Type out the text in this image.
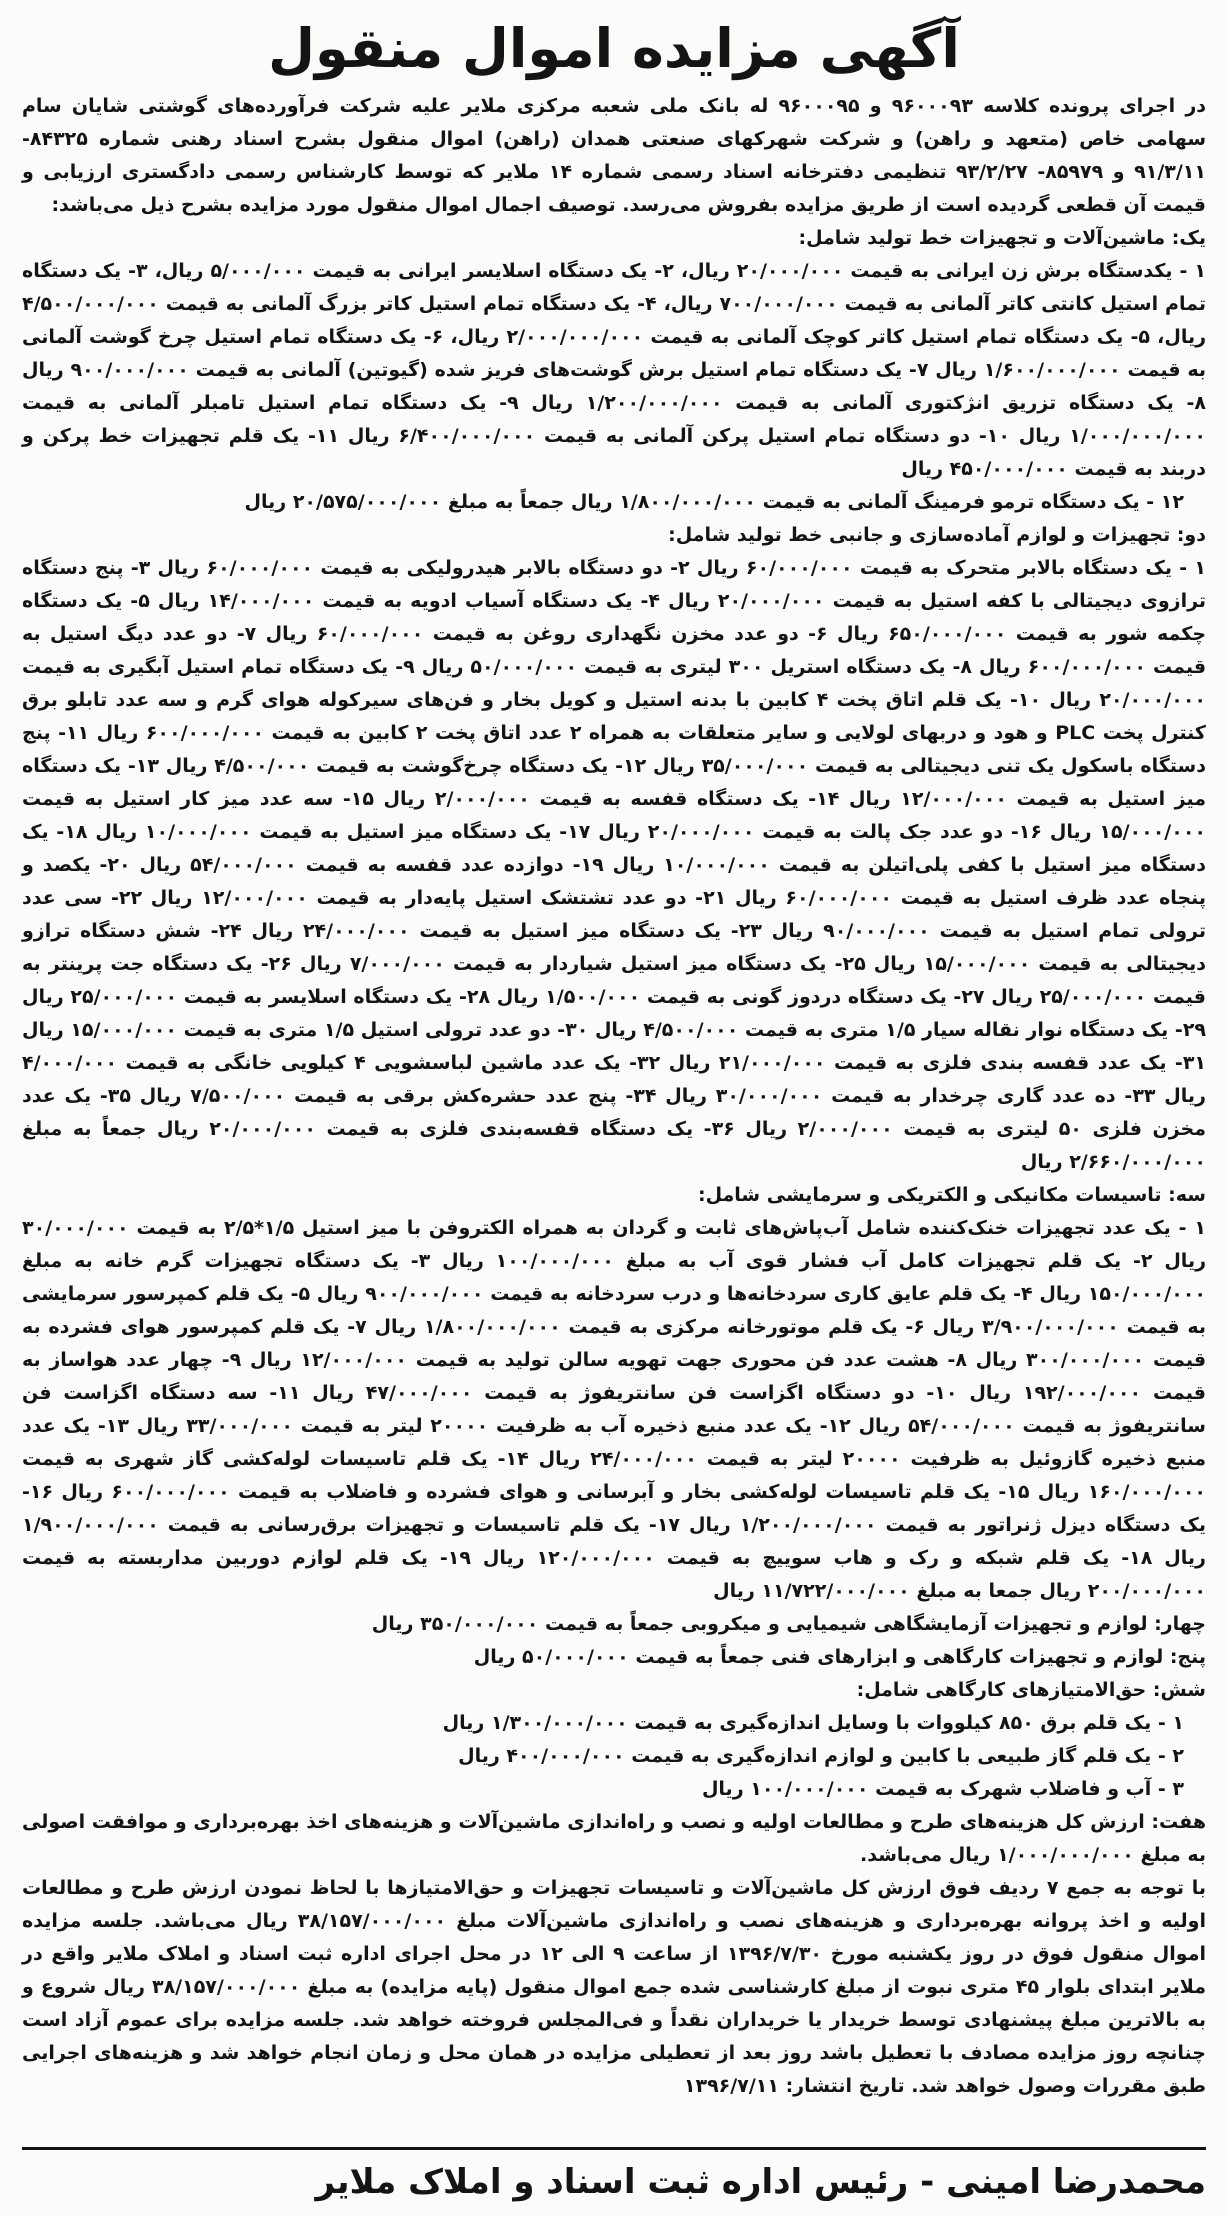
آگهی مزایده اموال منقول

در اجرای پرونده کلاسه ۹۶۰۰۰۹۳ و ۹۶۰۰۰۹۵ له بانک ملی شعبه مرکزی ملایر علیه شرکت فرآورده‌های گوشتی شایان سام سهامی خاص (متعهد و راهن) و شرکت شهرکهای صنعتی همدان (راهن) اموال منقول بشرح اسناد رهنی شماره ۸۴۳۲۵- ۹۱/۳/۱۱ و ۸۵۹۷۹- ۹۳/۲/۲۷ تنظیمی دفترخانه اسناد رسمی شماره ۱۴ ملایر که توسط کارشناس رسمی دادگستری ارزیابی و قیمت آن قطعی گردیده است از طریق مزایده بفروش می‌رسد. توصیف اجمال اموال منقول مورد مزایده بشرح ذیل می‌باشد:

یک: ماشین‌آلات و تجهیزات خط تولید شامل:

۱ - یکدستگاه برش زن ایرانی به قیمت ۲۰/۰۰۰/۰۰۰ ریال، ۲- یک دستگاه اسلایسر ایرانی به قیمت ۵/۰۰۰/۰۰۰ ریال، ۳- یک دستگاه تمام استیل کانتی کاتر آلمانی به قیمت ۷۰۰/۰۰۰/۰۰۰ ریال، ۴- یک دستگاه تمام استیل کاتر بزرگ آلمانی به قیمت ۴/۵۰۰/۰۰۰/۰۰۰ ریال، ۵- یک دستگاه تمام استیل کاتر کوچک آلمانی به قیمت ۲/۰۰۰/۰۰۰/۰۰۰ ریال، ۶- یک دستگاه تمام استیل چرخ گوشت آلمانی به قیمت ۱/۶۰۰/۰۰۰/۰۰۰ ریال ۷- یک دستگاه تمام استیل برش گوشت‌های فریز شده (گیوتین) آلمانی به قیمت ۹۰۰/۰۰۰/۰۰۰ ریال ۸- یک دستگاه تزریق انژکتوری آلمانی به قیمت ۱/۲۰۰/۰۰۰/۰۰۰ ریال ۹- یک دستگاه تمام استیل تامبلر آلمانی به قیمت ۱/۰۰۰/۰۰۰/۰۰۰ ریال ۱۰- دو دستگاه تمام استیل پرکن آلمانی به قیمت ۶/۴۰۰/۰۰۰/۰۰۰ ریال ۱۱- یک قلم تجهیزات خط پرکن و دربند به قیمت ۴۵۰/۰۰۰/۰۰۰ ریال

۱۲ - یک دستگاه ترمو فرمینگ آلمانی به قیمت ۱/۸۰۰/۰۰۰/۰۰۰ ریال جمعاً به مبلغ ۲۰/۵۷۵/۰۰۰/۰۰۰ ریال

دو: تجهیزات و لوازم آماده‌سازی و جانبی خط تولید شامل:

۱ - یک دستگاه بالابر متحرک به قیمت ۶۰/۰۰۰/۰۰۰ ریال ۲- دو دستگاه بالابر هیدرولیکی به قیمت ۶۰/۰۰۰/۰۰۰ ریال ۳- پنج دستگاه ترازوی دیجیتالی با کفه استیل به قیمت ۲۰/۰۰۰/۰۰۰ ریال ۴- یک دستگاه آسیاب ادویه به قیمت ۱۴/۰۰۰/۰۰۰ ریال ۵- یک دستگاه چکمه شور به قیمت ۶۵۰/۰۰۰/۰۰۰ ریال ۶- دو عدد مخزن نگهداری روغن به قیمت ۶۰/۰۰۰/۰۰۰ ریال ۷- دو عدد دیگ استیل به قیمت ۶۰۰/۰۰۰/۰۰۰ ریال ۸- یک دستگاه استریل ۳۰۰ لیتری به قیمت ۵۰/۰۰۰/۰۰۰ ریال ۹- یک دستگاه تمام استیل آبگیری به قیمت ۲۰/۰۰۰/۰۰۰ ریال ۱۰- یک قلم اتاق پخت ۴ کابین با بدنه استیل و کویل بخار و فن‌های سیرکوله هوای گرم و سه عدد تابلو برق کنترل پخت PLC و هود و دربهای لولایی و سایر متعلقات به همراه ۲ عدد اتاق پخت ۲ کابین به قیمت ۶۰۰/۰۰۰/۰۰۰ ریال ۱۱- پنج دستگاه باسکول یک تنی دیجیتالی به قیمت ۳۵/۰۰۰/۰۰۰ ریال ۱۲- یک دستگاه چرخ‌گوشت به قیمت ۴/۵۰۰/۰۰۰ ریال ۱۳- یک دستگاه میز استیل به قیمت ۱۲/۰۰۰/۰۰۰ ریال ۱۴- یک دستگاه قفسه به قیمت ۲/۰۰۰/۰۰۰ ریال ۱۵- سه عدد میز کار استیل به قیمت ۱۵/۰۰۰/۰۰۰ ریال ۱۶- دو عدد جک پالت به قیمت ۲۰/۰۰۰/۰۰۰ ریال ۱۷- یک دستگاه میز استیل به قیمت ۱۰/۰۰۰/۰۰۰ ریال ۱۸- یک دستگاه میز استیل با کفی پلی‌اتیلن به قیمت ۱۰/۰۰۰/۰۰۰ ریال ۱۹- دوازده عدد قفسه به قیمت ۵۴/۰۰۰/۰۰۰ ریال ۲۰- یکصد و پنجاه عدد ظرف استیل به قیمت ۶۰/۰۰۰/۰۰۰ ریال ۲۱- دو عدد تشتشک استیل پایه‌دار به قیمت ۱۲/۰۰۰/۰۰۰ ریال ۲۲- سی عدد ترولی تمام استیل به قیمت ۹۰/۰۰۰/۰۰۰ ریال ۲۳- یک دستگاه میز استیل به قیمت ۲۴/۰۰۰/۰۰۰ ریال ۲۴- شش دستگاه ترازو دیجیتالی به قیمت ۱۵/۰۰۰/۰۰۰ ریال ۲۵- یک دستگاه میز استیل شیاردار به قیمت ۷/۰۰۰/۰۰۰ ریال ۲۶- یک دستگاه جت پرینتر به قیمت ۲۵/۰۰۰/۰۰۰ ریال ۲۷- یک دستگاه دردوز گونی به قیمت ۱/۵۰۰/۰۰۰ ریال ۲۸- یک دستگاه اسلایسر به قیمت ۲۵/۰۰۰/۰۰۰ ریال ۲۹- یک دستگاه نوار نقاله سیار ۱/۵ متری به قیمت ۴/۵۰۰/۰۰۰ ریال ۳۰- دو عدد ترولی استیل ۱/۵ متری به قیمت ۱۵/۰۰۰/۰۰۰ ریال ۳۱- یک عدد قفسه بندی فلزی به قیمت ۲۱/۰۰۰/۰۰۰ ریال ۳۲- یک عدد ماشین لباسشویی ۴ کیلویی خانگی به قیمت ۴/۰۰۰/۰۰۰ ریال ۳۳- ده عدد گاری چرخدار به قیمت ۳۰/۰۰۰/۰۰۰ ریال ۳۴- پنج عدد حشره‌کش برقی به قیمت ۷/۵۰۰/۰۰۰ ریال ۳۵- یک عدد مخزن فلزی ۵۰ لیتری به قیمت ۲/۰۰۰/۰۰۰ ریال ۳۶- یک دستگاه قفسه‌بندی فلزی به قیمت ۲۰/۰۰۰/۰۰۰ ریال جمعاً به مبلغ ۲/۶۶۰/۰۰۰/۰۰۰ ریال

سه: تاسیسات مکانیکی و الکتریکی و سرمایشی شامل:

۱ - یک عدد تجهیزات خنک‌کننده شامل آب‌پاش‌های ثابت و گردان به همراه الکتروفن با میز استیل ۱/۵*۲/۵ به قیمت ۳۰/۰۰۰/۰۰۰ ریال ۲- یک قلم تجهیزات کامل آب فشار قوی آب به مبلغ ۱۰۰/۰۰۰/۰۰۰ ریال ۳- یک دستگاه تجهیزات گرم خانه به مبلغ ۱۵۰/۰۰۰/۰۰۰ ریال ۴- یک قلم عایق کاری سردخانه‌ها و درب سردخانه به قیمت ۹۰۰/۰۰۰/۰۰۰ ریال ۵- یک قلم کمپرسور سرمایشی به قیمت ۳/۹۰۰/۰۰۰/۰۰۰ ریال ۶- یک قلم موتورخانه مرکزی به قیمت ۱/۸۰۰/۰۰۰/۰۰۰ ریال ۷- یک قلم کمپرسور هوای فشرده به قیمت ۳۰۰/۰۰۰/۰۰۰ ریال ۸- هشت عدد فن محوری جهت تهویه سالن تولید به قیمت ۱۲/۰۰۰/۰۰۰ ریال ۹- چهار عدد هواساز به قیمت ۱۹۲/۰۰۰/۰۰۰ ریال ۱۰- دو دستگاه اگزاست فن سانتریفوژ به قیمت ۴۷/۰۰۰/۰۰۰ ریال ۱۱- سه دستگاه اگزاست فن سانتریفوژ به قیمت ۵۴/۰۰۰/۰۰۰ ریال ۱۲- یک عدد منبع ذخیره آب به ظرفیت ۲۰۰۰۰ لیتر به قیمت ۳۳/۰۰۰/۰۰۰ ریال ۱۳- یک عدد منبع ذخیره گازوئیل به ظرفیت ۲۰۰۰۰ لیتر به قیمت ۲۴/۰۰۰/۰۰۰ ریال ۱۴- یک قلم تاسیسات لوله‌کشی گاز شهری به قیمت ۱۶۰/۰۰۰/۰۰۰ ریال ۱۵- یک قلم تاسیسات لوله‌کشی بخار و آبرسانی و هوای فشرده و فاضلاب به قیمت ۶۰۰/۰۰۰/۰۰۰ ریال ۱۶- یک دستگاه دیزل ژنراتور به قیمت ۱/۲۰۰/۰۰۰/۰۰۰ ریال ۱۷- یک قلم تاسیسات و تجهیزات برق‌رسانی به قیمت ۱/۹۰۰/۰۰۰/۰۰۰ ریال ۱۸- یک قلم شبکه و رک و هاب سوییچ به قیمت ۱۲۰/۰۰۰/۰۰۰ ریال ۱۹- یک قلم لوازم دوربین مداربسته به قیمت ۲۰۰/۰۰۰/۰۰۰ ریال جمعا به مبلغ ۱۱/۷۲۲/۰۰۰/۰۰۰ ریال

چهار: لوازم و تجهیزات آزمایشگاهی شیمیایی و میکروبی جمعاً به قیمت ۳۵۰/۰۰۰/۰۰۰ ریال

پنج: لوازم و تجهیزات کارگاهی و ابزارهای فنی جمعاً به قیمت ۵۰/۰۰۰/۰۰۰ ریال

شش: حق‌الامتیازهای کارگاهی شامل:

۱ - یک قلم برق ۸۵۰ کیلووات با وسایل اندازه‌گیری به قیمت ۱/۳۰۰/۰۰۰/۰۰۰ ریال

۲ - یک قلم گاز طبیعی با کابین و لوازم اندازه‌گیری به قیمت ۴۰۰/۰۰۰/۰۰۰ ریال

۳ - آب و فاضلاب شهرک به قیمت ۱۰۰/۰۰۰/۰۰۰ ریال

هفت: ارزش کل هزینه‌های طرح و مطالعات اولیه و نصب و راه‌اندازی ماشین‌آلات و هزینه‌های اخذ بهره‌برداری و موافقت اصولی به مبلغ ۱/۰۰۰/۰۰۰/۰۰۰ ریال می‌باشد.

با توجه به جمع ۷ ردیف فوق ارزش کل ماشین‌آلات و تاسیسات تجهیزات و حق‌الامتیازها با لحاظ نمودن ارزش طرح و مطالعات اولیه و اخذ پروانه بهره‌برداری و هزینه‌های نصب و راه‌اندازی ماشین‌آلات مبلغ ۳۸/۱۵۷/۰۰۰/۰۰۰ ریال می‌باشد. جلسه مزایده اموال منقول فوق در روز یکشنبه مورخ ۱۳۹۶/۷/۳۰ از ساعت ۹ الی ۱۲ در محل اجرای اداره ثبت اسناد و املاک ملایر واقع در ملایر ابتدای بلوار ۴۵ متری نبوت از مبلغ کارشناسی شده جمع اموال منقول (پایه مزایده) به مبلغ ۳۸/۱۵۷/۰۰۰/۰۰۰ ریال شروع و به بالاترین مبلغ پیشنهادی توسط خریدار یا خریداران نقداً و فی‌المجلس فروخته خواهد شد. جلسه مزایده برای عموم آزاد است چنانچه روز مزایده مصادف با تعطیل باشد روز بعد از تعطیلی مزایده در همان محل و زمان انجام خواهد شد و هزینه‌های اجرایی طبق مقررات وصول خواهد شد. تاریخ انتشار: ۱۳۹۶/۷/۱۱

محمدرضا امینی - رئیس اداره ثبت اسناد و املاک ملایر
